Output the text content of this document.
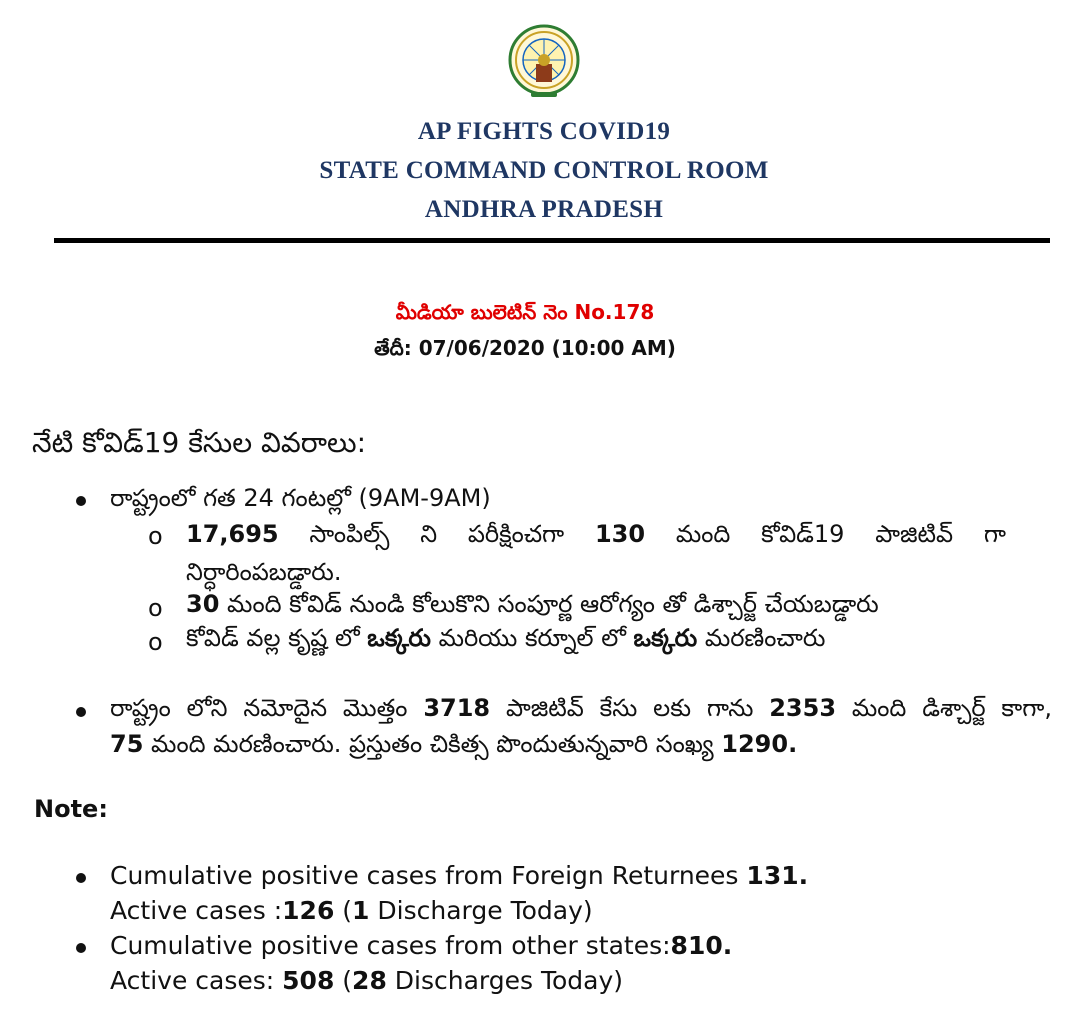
AP FIGHTS COVID19
STATE COMMAND CONTROL ROOM
ANDHRA PRADESH
మీడియా బులెటిన్ నెం No.178
తేదీ: 07/06/2020 (10:00 AM)
నేటి కోవిడ్19 కేసుల వివరాలు:
రాష్ట్రంలో గత 24 గంటల్లో (9AM-9AM)
o 17,695 సాంపిల్స్ ని పరీక్షించగా 130 మంది కోవిడ్19 పాజిటివ్ గా
నిర్ధారింపబడ్డారు.
o 30 మంది కోవిడ్ నుండి కోలుకొని సంపూర్ణ ఆరోగ్యం తో డిశ్చార్జ్ చేయబడ్డారు
o కోవిడ్ వల్ల కృష్ణ లో ఒక్కరు మరియు కర్నూల్ లో ఒక్కరు మరణించారు
రాష్ట్రం లోని నమోదైన మొత్తం 3718 పాజిటివ్ కేసు లకు గాను 2353 మంది డిశ్చార్జ్ కాగా,
75 మంది మరణించారు. ప్రస్తుతం చికిత్స పొందుతున్నవారి సంఖ్య 1290.
Note:
Cumulative positive cases from Foreign Returnees 131.
Active cases :126 (1 Discharge Today)
Cumulative positive cases from other states:810.
Active cases: 508 (28 Discharges Today)
